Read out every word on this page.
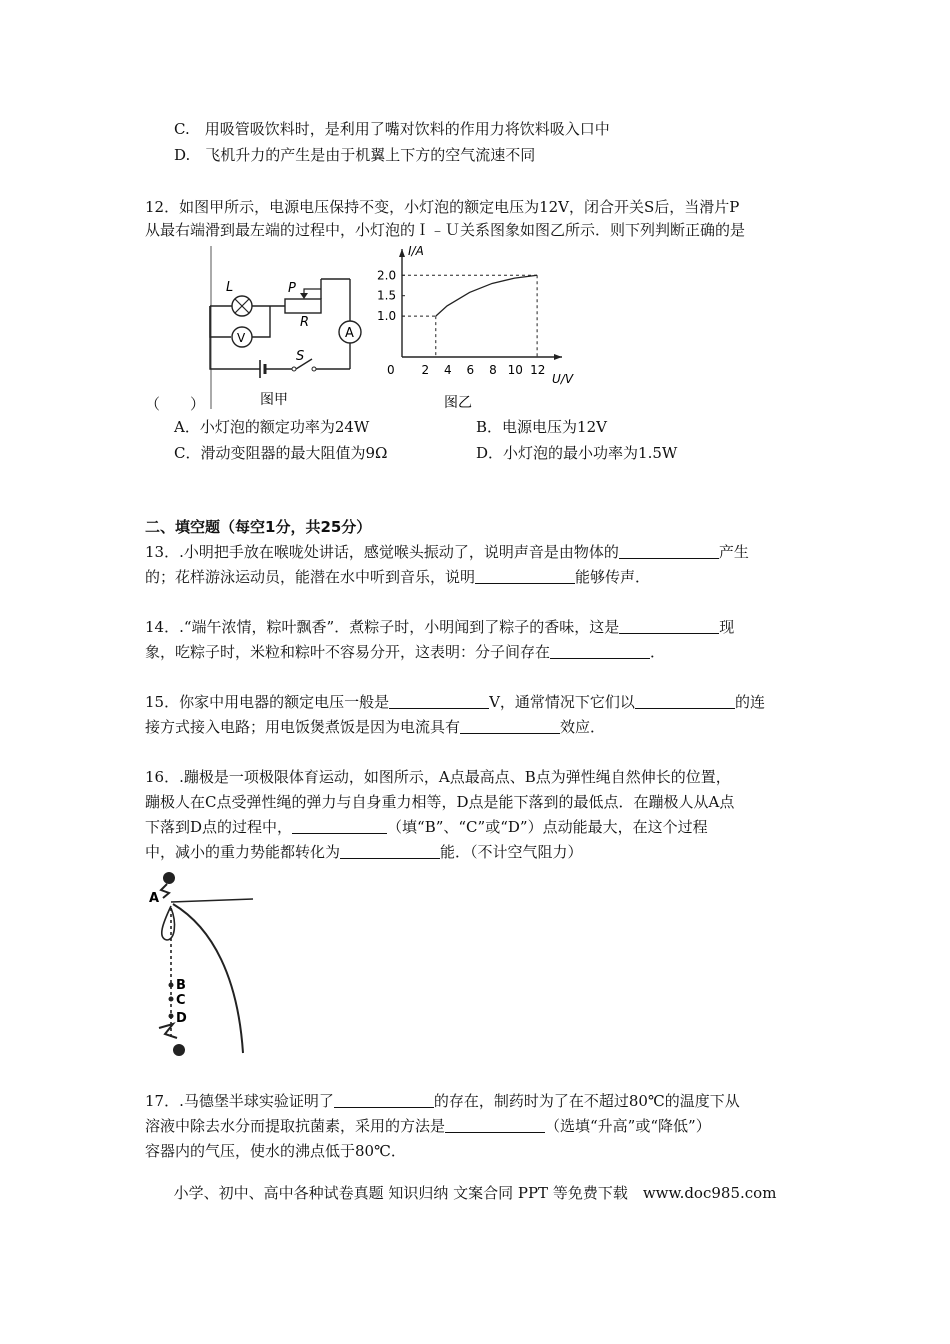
C.　用吸管吸饮料时，是利用了嘴对饮料的作用力将饮料吸入口中
D.　飞机升力的产生是由于机翼上下方的空气流速不同
12．如图甲所示，电源电压保持不变，小灯泡的额定电压为12V，闭合开关S后，当滑片P
从最右端滑到最左端的过程中，小灯泡的Ｉ﹣Ｕ关系图象如图乙所示．则下列判断正确的是
S
A
P
R
L
V
图甲
（　　）
I/A
U/V
0 2 4 6 8 10 12
1.0
1.5
2.0
图乙
A．小灯泡的额定功率为24W	B．电源电压为12V
C．滑动变阻器的最大阻值为9Ω	D．小灯泡的最小功率为1.5W
二、填空题（每空1分，共25分）
13．.小明把手放在喉咙处讲话，感觉喉头振动了，说明声音是由物体的	产生
的；花样游泳运动员，能潜在水中听到音乐，说明	能够传声．
14．.“端午浓情，粽叶飘香”．煮粽子时，小明闻到了粽子的香味，这是	现
象，吃粽子时，米粒和粽叶不容易分开，这表明：分子间存在	．
15．你家中用电器的额定电压一般是	V，通常情况下它们以	的连
接方式接入电路；用电饭煲煮饭是因为电流具有	效应．
16．.蹦极是一项极限体育运动，如图所示，A点最高点、B点为弹性绳自然伸长的位置，
蹦极人在C点受弹性绳的弹力与自身重力相等，D点是能下落到的最低点．在蹦极人从A点
下落到D点的过程中，	（填“B”、“C”或“D”）点动能最大，在这个过程
中，减小的重力势能都转化为	能．（不计空气阻力）
A
B
C
D
17．.马德堡半球实验证明了	的存在，制药时为了在不超过80℃的温度下从
溶液中除去水分而提取抗菌素，采用的方法是	（选填“升高”或“降低”）
容器内的气压，使水的沸点低于80℃．
小学、初中、高中各种试卷真题 知识归纳 文案合同 PPT 等免费下载　www.doc985.com
